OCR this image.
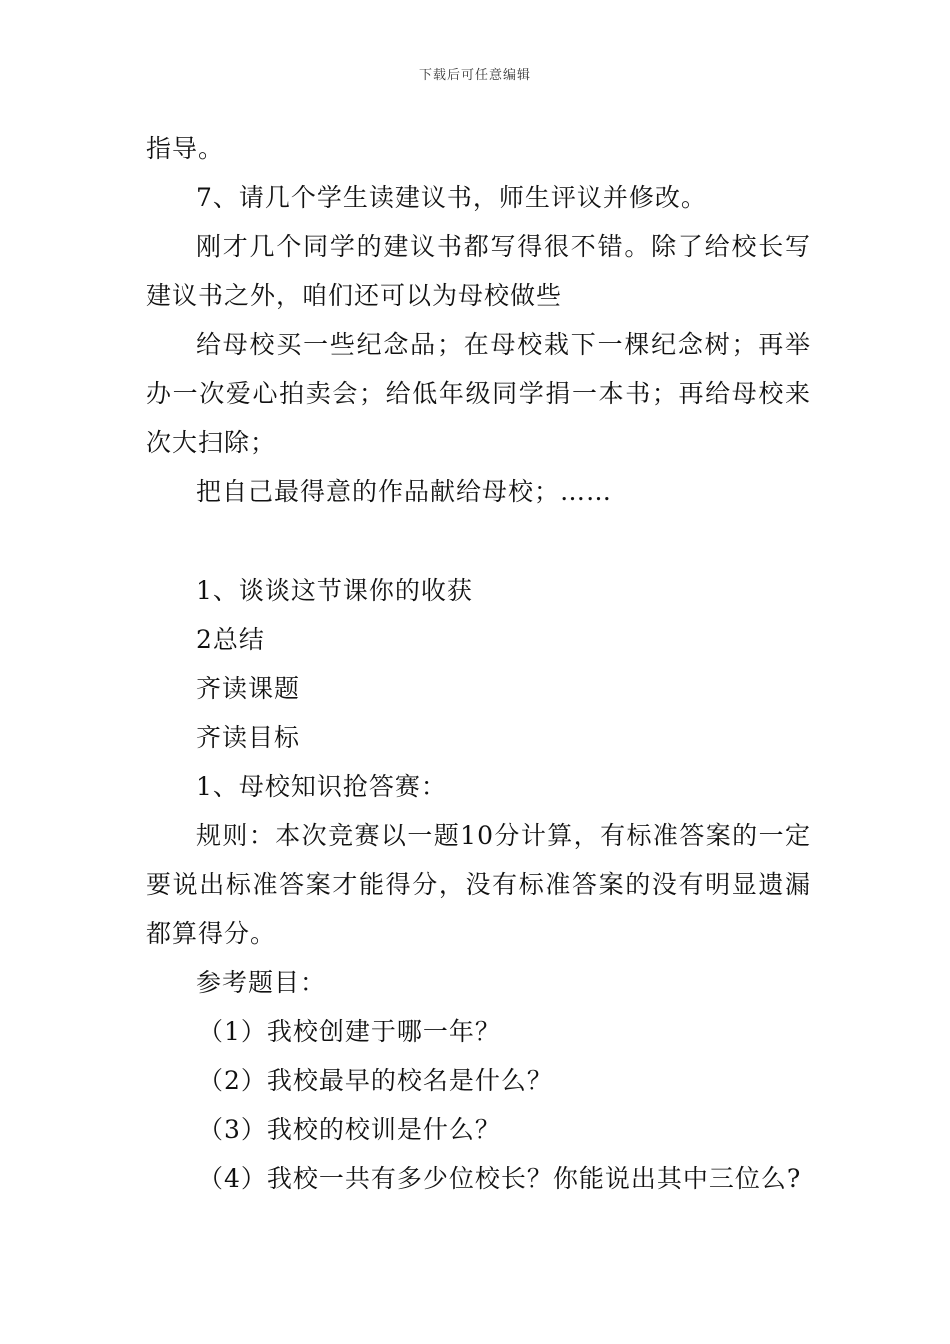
下载后可任意编辑

指导。

7、请几个学生读建议书，师生评议并修改。

刚才几个同学的建议书都写得很不错。除了给校长写建议书之外，咱们还可以为母校做些

给母校买一些纪念品；在母校栽下一棵纪念树；再举办一次爱心拍卖会；给低年级同学捐一本书；再给母校来次大扫除；

把自己最得意的作品献给母校；……

1、谈谈这节课你的收获

2总结

齐读课题

齐读目标

1、母校知识抢答赛：

规则：本次竞赛以一题10分计算，有标准答案的一定要说出标准答案才能得分，没有标准答案的没有明显遗漏都算得分。

参考题目：

（1）我校创建于哪一年？

（2）我校最早的校名是什么？

（3）我校的校训是什么？

（4）我校一共有多少位校长？你能说出其中三位么?
